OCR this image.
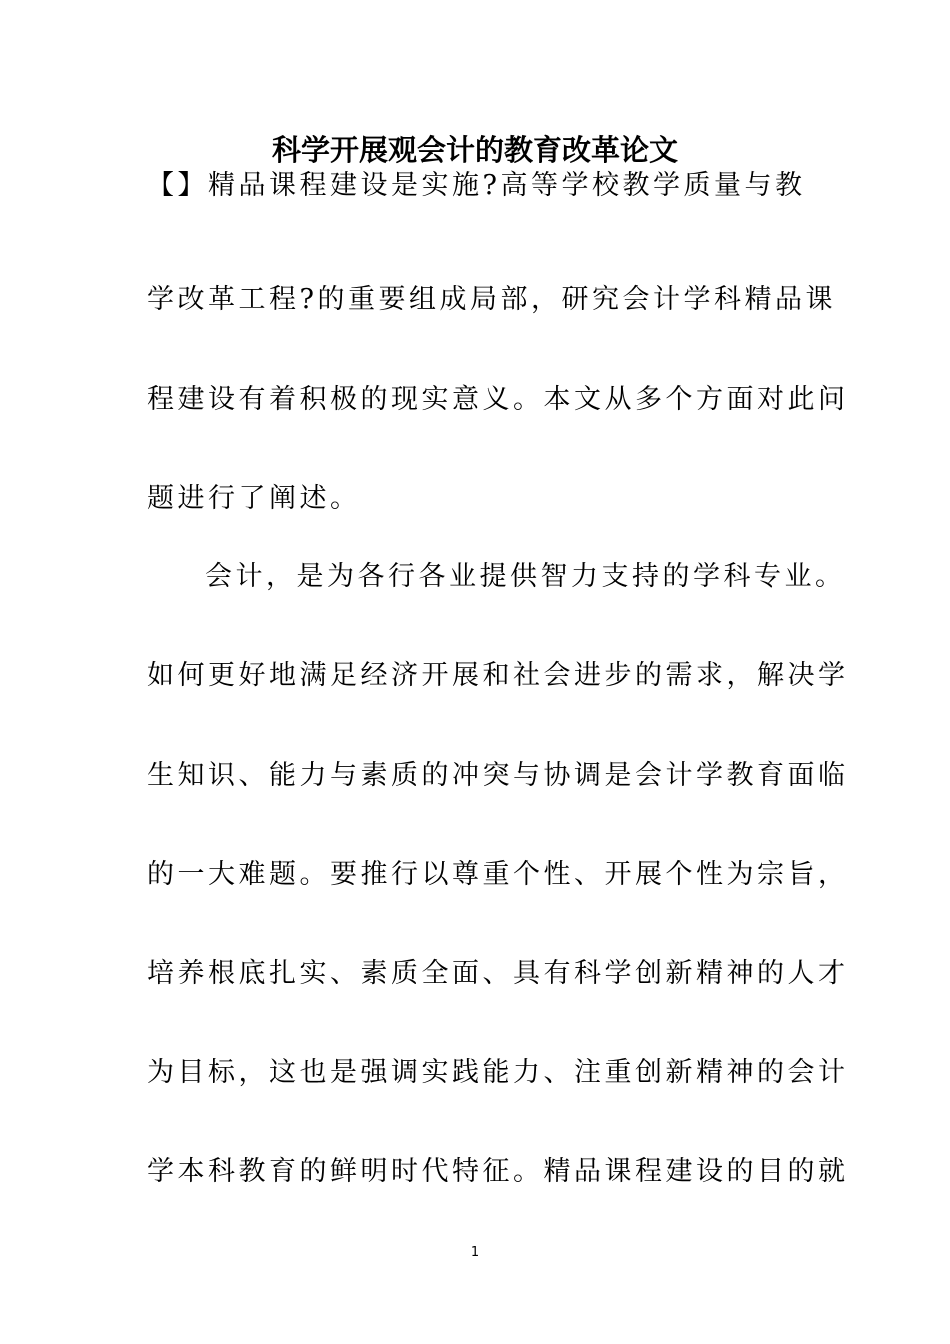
科学开展观会计的教育改革论文
【】精品课程建设是实施?高等学校教学质量与教
学改革工程?的重要组成局部，研究会计学科精品课
程建设有着积极的现实意义。本文从多个方面对此问
题进行了阐述。
会计，是为各行各业提供智力支持的学科专业。
如何更好地满足经济开展和社会进步的需求，解决学
生知识、能力与素质的冲突与协调是会计学教育面临
的一大难题。要推行以尊重个性、开展个性为宗旨，
培养根底扎实、素质全面、具有科学创新精神的人才
为目标，这也是强调实践能力、注重创新精神的会计
学本科教育的鲜明时代特征。精品课程建设的目的就
1
